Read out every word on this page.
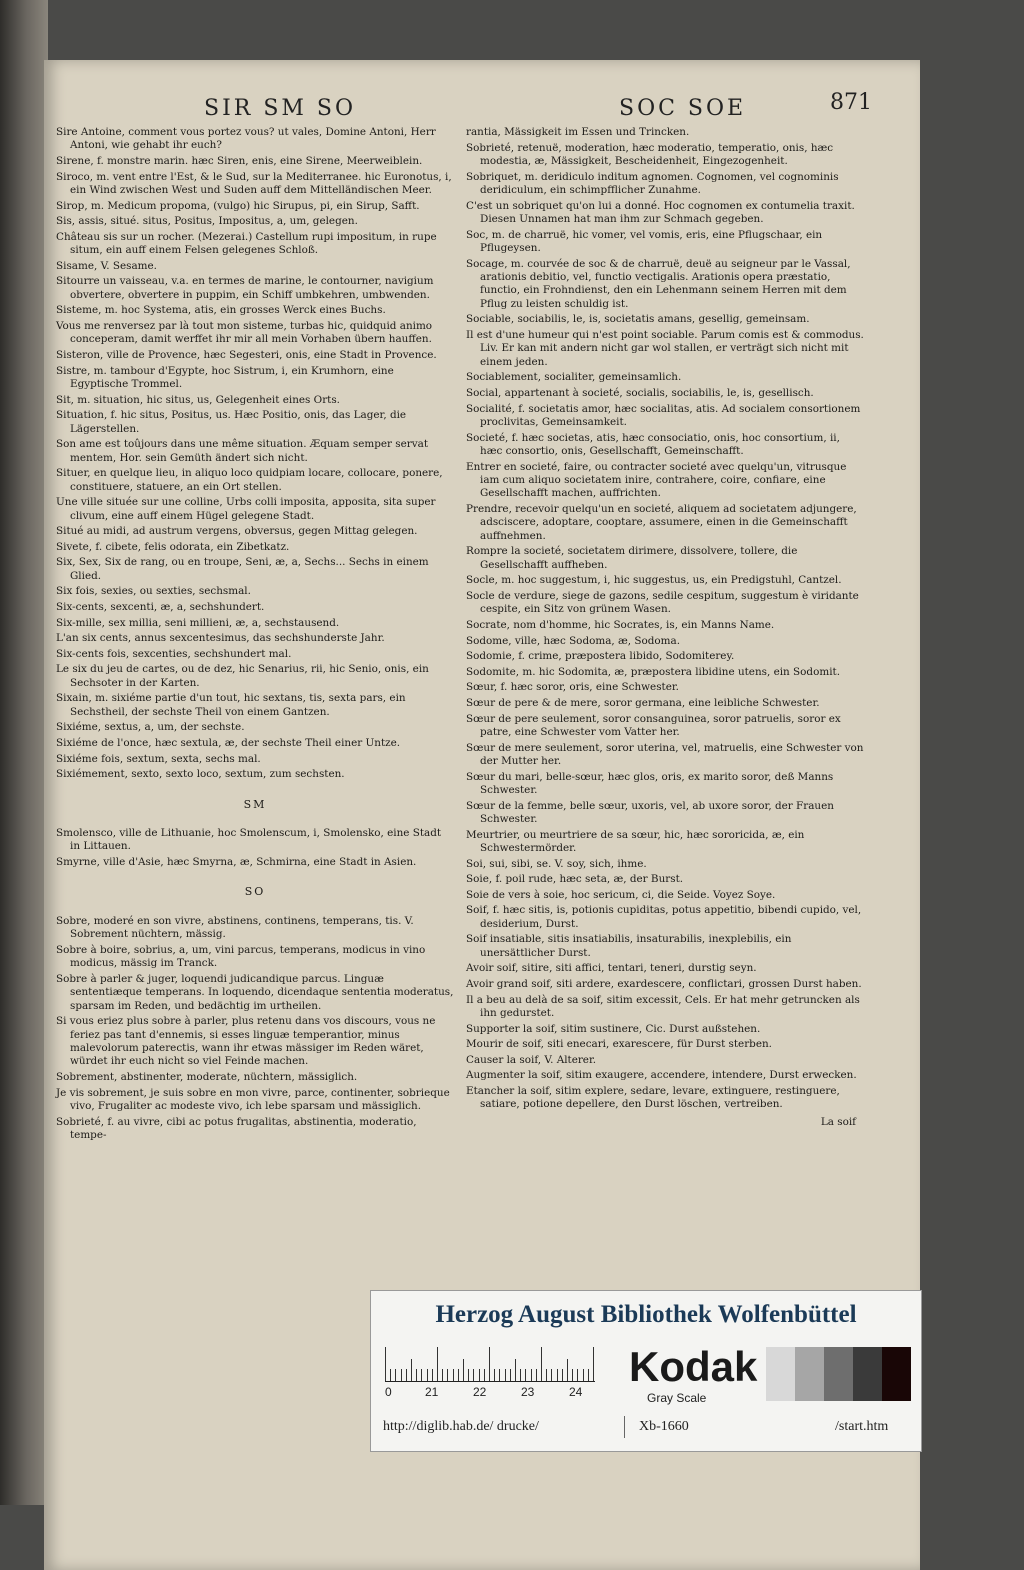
SIR SM SO	SOC SOE	871
Sire Antoine, comment vous portez vous? ut vales, Domine Antoni, Herr Antoni, wie gehabt ihr euch?
Sirene, f. monstre marin. hæc Siren, enis, eine Sirene, Meerweiblein.
Siroco, m. vent entre l'Est, & le Sud, sur la Mediterranee. hic Euronotus, i, ein Wind zwischen West und Suden auff dem Mittelländischen Meer.
Sirop, m. Medicum propoma, (vulgo) hic Sirupus, pi, ein Sirup, Safft.
Sis, assis, situé. situs, Positus, Impositus, a, um, gelegen.
Château sis sur un rocher. (Mezerai.) Castellum rupi impositum, in rupe situm, ein auff einem Felsen gelegenes Schloß.
Sisame, V. Sesame.
Sitourre un vaisseau, v.a. en termes de marine, le contourner, navigium obvertere, obvertere in puppim, ein Schiff umbkehren, umbwenden.
Sisteme, m. hoc Systema, atis, ein grosses Werck eines Buchs.
Vous me renversez par là tout mon sisteme, turbas hic, quidquid animo conceperam, damit werffet ihr mir all mein Vorhaben übern hauffen.
Sisteron, ville de Provence, hæc Segesteri, onis, eine Stadt in Provence.
Sistre, m. tambour d'Egypte, hoc Sistrum, i, ein Krumhorn, eine Egyptische Trommel.
Sit, m. situation, hic situs, us, Gelegenheit eines Orts.
Situation, f. hic situs, Positus, us. Hæc Positio, onis, das Lager, die Lägerstellen.
Son ame est toûjours dans une même situation. Æquam semper servat mentem, Hor. sein Gemüth ändert sich nicht.
Situer, en quelque lieu, in aliquo loco quidpiam locare, collocare, ponere, constituere, statuere, an ein Ort stellen.
Une ville située sur une colline, Urbs colli imposita, apposita, sita super clivum, eine auff einem Hügel gelegene Stadt.
Situé au midi, ad austrum vergens, obversus, gegen Mittag gelegen.
Sivete, f. cibete, felis odorata, ein Zibetkatz.
Six, Sex, Six de rang, ou en troupe, Seni, æ, a, Sechs... Sechs in einem Glied.
Six fois, sexies, ou sexties, sechsmal.
Six-cents, sexcenti, æ, a, sechshundert.
Six-mille, sex millia, seni millieni, æ, a, sechstausend.
L'an six cents, annus sexcentesimus, das sechshunderste Jahr.
Six-cents fois, sexcenties, sechshundert mal.
Le six du jeu de cartes, ou de dez, hic Senarius, rii, hic Senio, onis, ein Sechsoter in der Karten.
Sixain, m. sixiéme partie d'un tout, hic sextans, tis, sexta pars, ein Sechstheil, der sechste Theil von einem Gantzen.
Sixiéme, sextus, a, um, der sechste.
Sixiéme de l'once, hæc sextula, æ, der sechste Theil einer Untze.
Sixiéme fois, sextum, sexta, sechs mal.
Sixiémement, sexto, sexto loco, sextum, zum sechsten.
SM
Smolensco, ville de Lithuanie, hoc Smolenscum, i, Smolensko, eine Stadt in Littauen.
Smyrne, ville d'Asie, hæc Smyrna, æ, Schmirna, eine Stadt in Asien.
SO
Sobre, moderé en son vivre, abstinens, continens, temperans, tis. V. Sobrement nüchtern, mässig.
Sobre à boire, sobrius, a, um, vini parcus, temperans, modicus in vino modicus, mässig im Tranck.
Sobre à parler & juger, loquendi judicandique parcus. Linguæ sententiæque temperans. In loquendo, dicendaque sententia moderatus, sparsam im Reden, und bedächtig im urtheilen.
Si vous eriez plus sobre à parler, plus retenu dans vos discours, vous ne feriez pas tant d'ennemis, si esses linguæ temperantior, minus malevolorum paterectis, wann ihr etwas mässiger im Reden wäret, würdet ihr euch nicht so viel Feinde machen.
Sobrement, abstinenter, moderate, nüchtern, mässiglich.
Je vis sobrement, je suis sobre en mon vivre, parce, continenter, sobrieque vivo, Frugaliter ac modeste vivo, ich lebe sparsam und mässiglich.
Sobrieté, f. au vivre, cibi ac potus frugalitas, abstinentia, moderatio, tempe-
rantia, Mässigkeit im Essen und Trincken.
Sobrieté, retenuë, moderation, hæc moderatio, temperatio, onis, hæc modestia, æ, Mässigkeit, Bescheidenheit, Eingezogenheit.
Sobriquet, m. deridiculo inditum agnomen. Cognomen, vel cognominis deridiculum, ein schimpfflicher Zunahme.
C'est un sobriquet qu'on lui a donné. Hoc cognomen ex contumelia traxit. Diesen Unnamen hat man ihm zur Schmach gegeben.
Soc, m. de charruë, hic vomer, vel vomis, eris, eine Pflugschaar, ein Pflugeysen.
Socage, m. courvée de soc & de charruë, deuë au seigneur par le Vassal, arationis debitio, vel, functio vectigalis. Arationis opera præstatio, functio, ein Frohndienst, den ein Lehenmann seinem Herren mit dem Pflug zu leisten schuldig ist.
Sociable, sociabilis, le, is, societatis amans, gesellig, gemeinsam.
Il est d'une humeur qui n'est point sociable. Parum comis est & commodus. Liv. Er kan mit andern nicht gar wol stallen, er verträgt sich nicht mit einem jeden.
Sociablement, socialiter, gemeinsamlich.
Social, appartenant à societé, socialis, sociabilis, le, is, gesellisch.
Socialité, f. societatis amor, hæc socialitas, atis. Ad socialem consortionem proclivitas, Gemeinsamkeit.
Societé, f. hæc societas, atis, hæc consociatio, onis, hoc consortium, ii, hæc consortio, onis, Gesellschafft, Gemeinschafft.
Entrer en societé, faire, ou contracter societé avec quelqu'un, vitrusque iam cum aliquo societatem inire, contrahere, coire, confiare, eine Gesellschafft machen, auffrichten.
Prendre, recevoir quelqu'un en societé, aliquem ad societatem adjungere, adsciscere, adoptare, cooptare, assumere, einen in die Gemeinschafft auffnehmen.
Rompre la societé, societatem dirimere, dissolvere, tollere, die Gesellschafft auffheben.
Socle, m. hoc suggestum, i, hic suggestus, us, ein Predigstuhl, Cantzel.
Socle de verdure, siege de gazons, sedile cespitum, suggestum è viridante cespite, ein Sitz von grünem Wasen.
Socrate, nom d'homme, hic Socrates, is, ein Manns Name.
Sodome, ville, hæc Sodoma, æ, Sodoma.
Sodomie, f. crime, præpostera libido, Sodomiterey.
Sodomite, m. hic Sodomita, æ, præpostera libidine utens, ein Sodomit.
Sœur, f. hæc soror, oris, eine Schwester.
Sœur de pere & de mere, soror germana, eine leibliche Schwester.
Sœur de pere seulement, soror consanguinea, soror patruelis, soror ex patre, eine Schwester vom Vatter her.
Sœur de mere seulement, soror uterina, vel, matruelis, eine Schwester von der Mutter her.
Sœur du mari, belle-sœur, hæc glos, oris, ex marito soror, deß Manns Schwester.
Sœur de la femme, belle sœur, uxoris, vel, ab uxore soror, der Frauen Schwester.
Meurtrier, ou meurtriere de sa sœur, hic, hæc sororicida, æ, ein Schwestermörder.
Soi, sui, sibi, se. V. soy, sich, ihme.
Soie, f. poil rude, hæc seta, æ, der Burst.
Soie de vers à soie, hoc sericum, ci, die Seide. Voyez Soye.
Soif, f. hæc sitis, is, potionis cupiditas, potus appetitio, bibendi cupido, vel, desiderium, Durst.
Soif insatiable, sitis insatiabilis, insaturabilis, inexplebilis, ein unersättlicher Durst.
Avoir soif, sitire, siti affici, tentari, teneri, durstig seyn.
Avoir grand soif, siti ardere, exardescere, conflictari, grossen Durst haben.
Il a beu au delà de sa soif, sitim excessit, Cels. Er hat mehr getruncken als ihn gedurstet.
Supporter la soif, sitim sustinere, Cic. Durst außstehen.
Mourir de soif, siti enecari, exarescere, für Durst sterben.
Causer la soif, V. Alterer.
Augmenter la soif, sitim exaugere, accendere, intendere, Durst erwecken.
Etancher la soif, sitim explere, sedare, levare, extinguere, restinguere, satiare, potione depellere, den Durst löschen, vertreiben.
La soif
Herzog August Bibliothek Wolfenbüttel
0	21	22	23	24
Kodak
Gray Scale
http://diglib.hab.de/ drucke/	Xb-1660	/start.htm
